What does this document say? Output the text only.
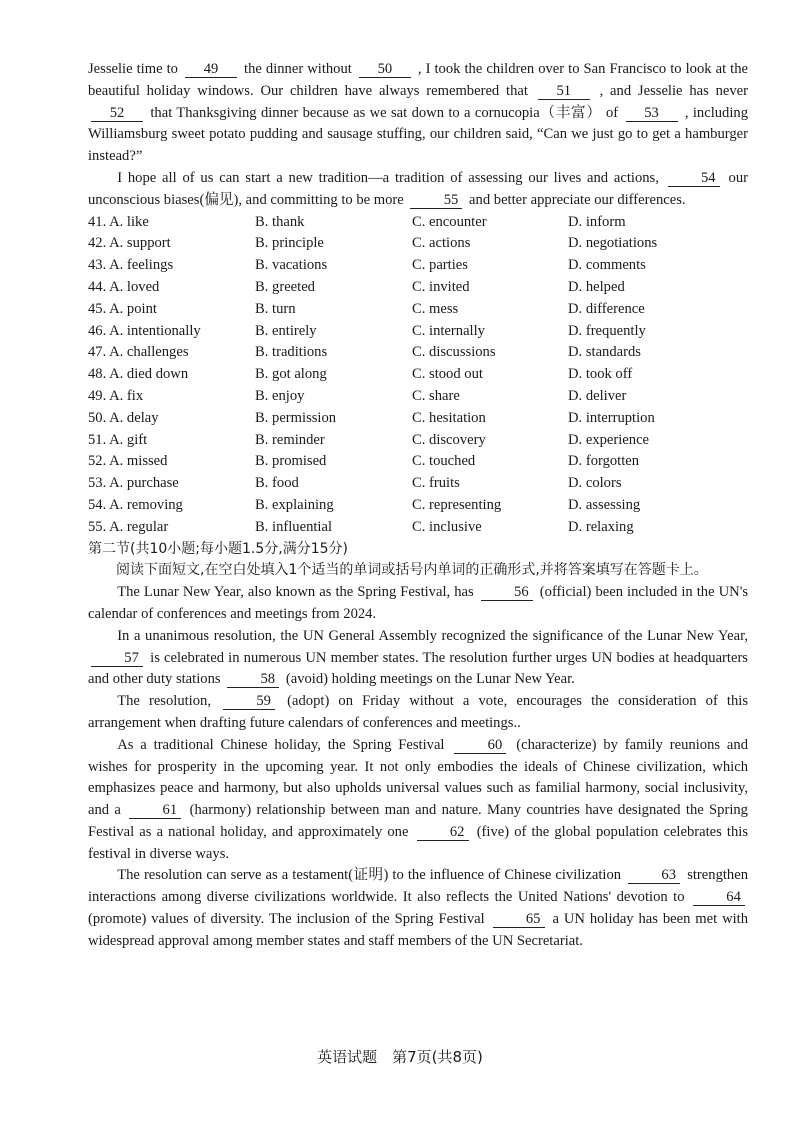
Jesselie time to 49 the dinner without 50 , I took the children over to San Francisco to look at the beautiful holiday windows. Our children have always remembered that 51 , and Jesselie has never 52 that Thanksgiving dinner because as we sat down to a cornucopia（丰富） of 53 , including Williamsburg sweet potato pudding and sausage stuffing, our children said, “Can we just go to get a hamburger instead?”

I hope all of us can start a new tradition—a tradition of assessing our lives and actions,	54 our unconscious biases(偏见), and committing to be more	55 and better appreciate our differences.

41. A. like	B. thank	C. encounter	D. inform
42. A. support	B. principle	C. actions	D. negotiations
43. A. feelings	B. vacations	C. parties	D. comments
44. A. loved	B. greeted	C. invited	D. helped
45. A. point	B. turn	C. mess	D. difference
46. A. intentionally	B. entirely	C. internally	D. frequently
47. A. challenges	B. traditions	C. discussions	D. standards
48. A. died down	B. got along	C. stood out	D. took off
49. A. fix	B. enjoy	C. share	D. deliver
50. A. delay	B. permission	C. hesitation	D. interruption
51. A. gift	B. reminder	C. discovery	D. experience
52. A. missed	B. promised	C. touched	D. forgotten
53. A. purchase	B. food	C. fruits	D. colors
54. A. removing	B. explaining	C. representing	D. assessing
55. A. regular	B. influential	C. inclusive	D. relaxing

第二节(共10小题;每小题1.5分,满分15分)

阅读下面短文,在空白处填入1个适当的单词或括号内单词的正确形式,并将答案填写在答题卡上。

The Lunar New Year, also known as the Spring Festival, has	56 (official) been included in the UN's calendar of conferences and meetings from 2024.

In a unanimous resolution, the UN General Assembly recognized the significance of the Lunar New Year, 57 is celebrated in numerous UN member states. The resolution further urges UN bodies at headquarters and other duty stations	58 (avoid) holding meetings on the Lunar New Year.

The resolution,	59 (adopt) on Friday without a vote, encourages the consideration of this arrangement when drafting future calendars of conferences and meetings..

As a traditional Chinese holiday, the Spring Festival	60 (characterize) by family reunions and wishes for prosperity in the upcoming year. It not only embodies the ideals of Chinese civilization, which emphasizes peace and harmony, but also upholds universal values such as familial harmony, social inclusivity, and a	61 (harmony) relationship between man and nature. Many countries have designated the Spring Festival as a national holiday, and approximately one	62 (five) of the global population celebrates this festival in diverse ways.

The resolution can serve as a testament(证明) to the influence of Chinese civilization	63 strengthen interactions among diverse civilizations worldwide. It also reflects the United Nations' devotion to	64 (promote) values of diversity. The inclusion of the Spring Festival	65 a UN holiday has been met with widespread approval among member states and staff members of the UN Secretariat.

英语试题　第7页(共8页)
